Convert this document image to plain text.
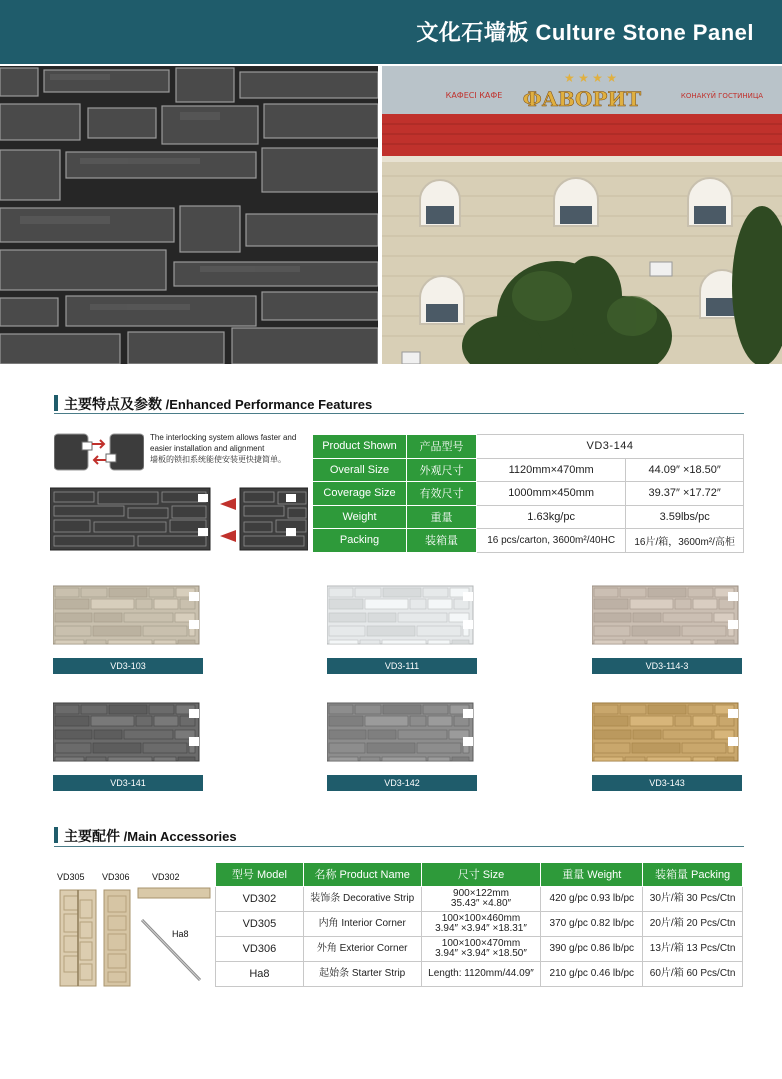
文化石墙板 Culture Stone Panel
ФАВОРИТ
КАФЕСI КАФЕ	КОНАКҮЙ ГОСТИНИЦА
★ ★ ★ ★
主要特点及参数 /Enhanced Performance Features
The interlocking system allows faster and easier installation and alignment
墙板的锁扣系统能使安装更快捷简单。
Product Shown	产品型号	VD3-144	
Overall Size	外观尺寸	1120mm×470mm	44.09″ ×18.50″
Coverage Size	有效尺寸	1000mm×450mm	39.37″ ×17.72″
Weight	重量	1.63kg/pc	3.59lbs/pc
Packing	装箱量	16 pcs/carton, 3600m²/40HC	16片/箱，3600m²/高柜
VD3-103	VD3-111	VD3-114-3
VD3-141	VD3-142	VD3-143
主要配件 /Main Accessories
VD305 VD306 VD302
Ha8
型号 Model	名称 Product Name	尺寸 Size	重量 Weight	装箱量 Packing
VD302	装饰条 Decorative Strip	900×122mm
35.43″ ×4.80″	420 g/pc 0.93 lb/pc	30片/箱 30 Pcs/Ctn
VD305	内角 Interior Corner	100×100×460mm
3.94″ ×3.94″ ×18.31″	370 g/pc 0.82 lb/pc	20片/箱 20 Pcs/Ctn
VD306	外角 Exterior Corner	100×100×470mm
3.94″ ×3.94″ ×18.50″	390 g/pc 0.86 lb/pc	13片/箱 13 Pcs/Ctn
Ha8	起始条 Starter Strip	Length: 1120mm/44.09″	210 g/pc 0.46 lb/pc	60片/箱 60 Pcs/Ctn
